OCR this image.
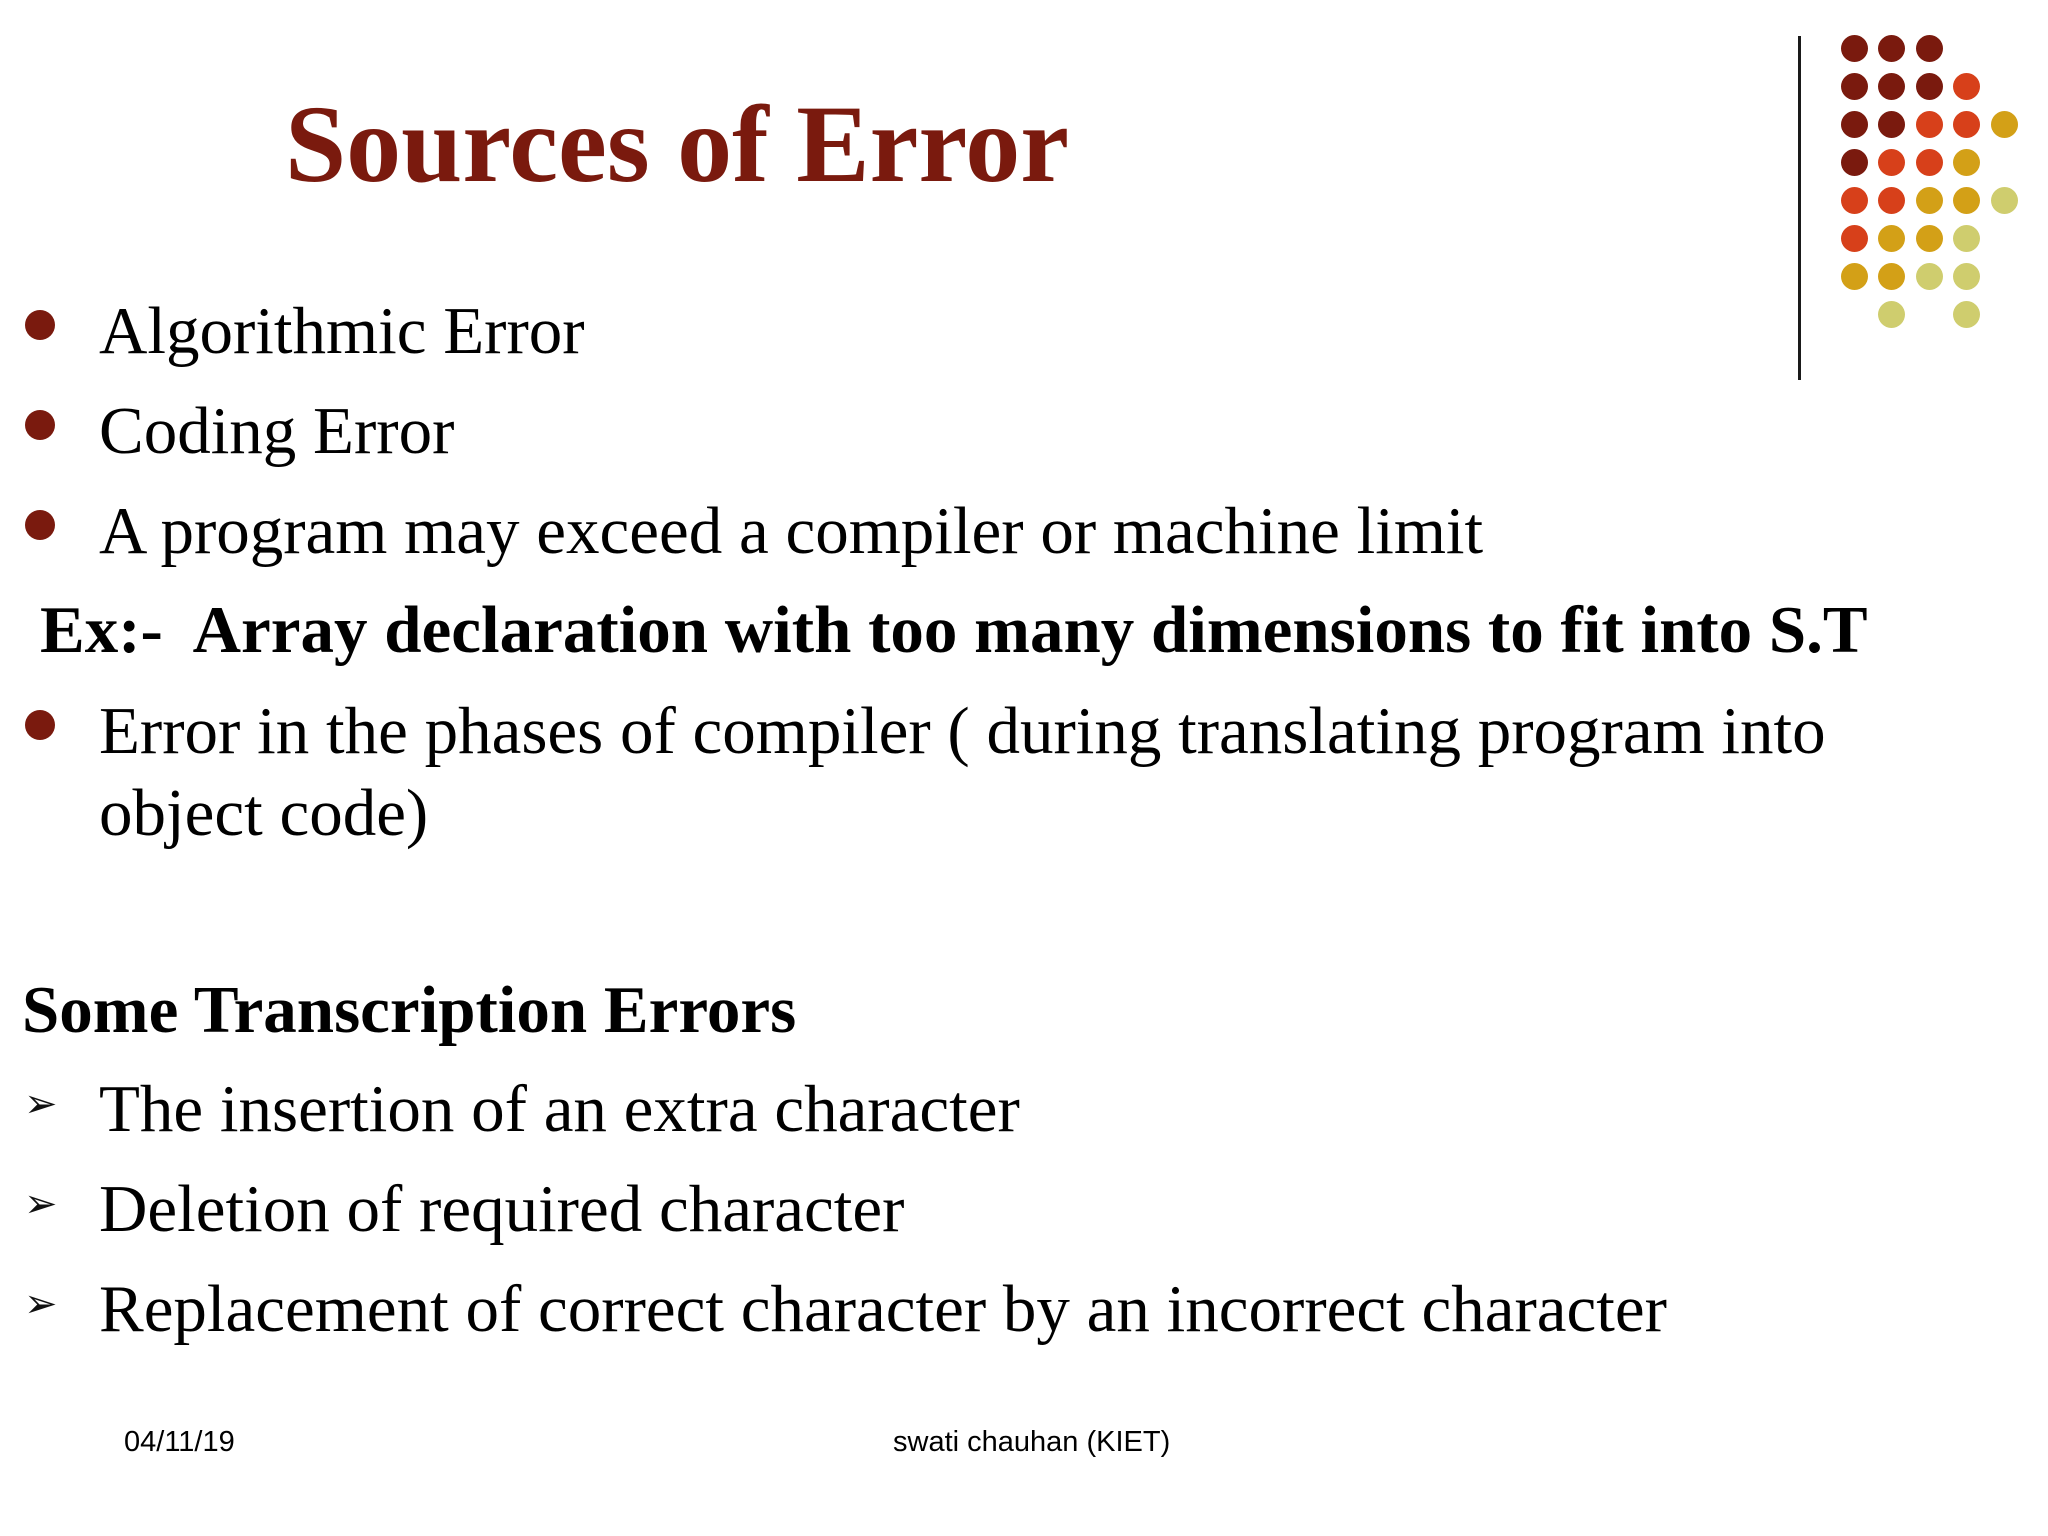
Sources of Error
Algorithmic Error
Coding Error
A program may exceed a compiler or machine limit
Ex:-  Array declaration with too many dimensions to fit into S.T
Error in the phases of compiler ( during translating program into
object code)
Some Transcription Errors
➢ The insertion of an extra character
➢ Deletion of required character
➢ Replacement of correct character by an incorrect character
04/11/19	swati chauhan (KIET)
